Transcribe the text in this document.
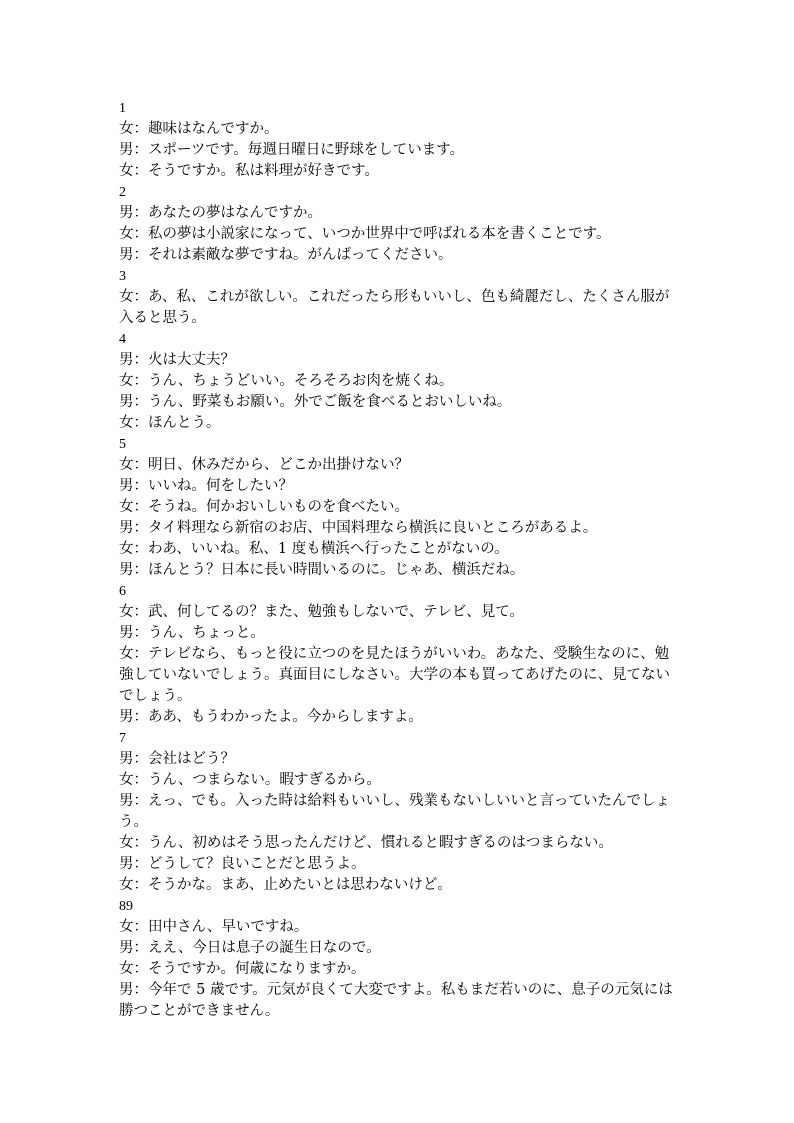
1
女：趣味はなんですか。
男：スポーツです。毎週日曜日に野球をしています。
女：そうですか。私は料理が好きです。
2
男：あなたの夢はなんですか。
女：私の夢は小説家になって、いつか世界中で呼ばれる本を書くことです。
男：それは素敵な夢ですね。がんばってください。
3
女：あ、私、これが欲しい。これだったら形もいいし、色も綺麗だし、たくさん服が入ると思う。
4
男：火は大丈夫？
女：うん、ちょうどいい。そろそろお肉を焼くね。
男：うん、野菜もお願い。外でご飯を食べるとおいしいね。
女：ほんとう。
5
女：明日、休みだから、どこか出掛けない？
男：いいね。何をしたい？
女：そうね。何かおいしいものを食べたい。
男：タイ料理なら新宿のお店、中国料理なら横浜に良いところがあるよ。
女：わあ、いいね。私、1 度も横浜へ行ったことがないの。
男：ほんとう？日本に長い時間いるのに。じゃあ、横浜だね。
6
女：武、何してるの？また、勉強もしないで、テレビ、見て。
男：うん、ちょっと。
女：テレビなら、もっと役に立つのを見たほうがいいわ。あなた、受験生なのに、勉強していないでしょう。真面目にしなさい。大学の本も買ってあげたのに、見てないでしょう。
男：ああ、もうわかったよ。今からしますよ。
7
男：会社はどう？
女：うん、つまらない。暇すぎるから。
男：えっ、でも。入った時は給料もいいし、残業もないしいいと言っていたんでしょう。
女：うん、初めはそう思ったんだけど、慣れると暇すぎるのはつまらない。
男：どうして？良いことだと思うよ。
女：そうかな。まあ、止めたいとは思わないけど。
89
女：田中さん、早いですね。
男：ええ、今日は息子の誕生日なので。
女：そうですか。何歳になりますか。
男：今年で 5 歳です。元気が良くて大変ですよ。私もまだ若いのに、息子の元気には勝つことができません。
